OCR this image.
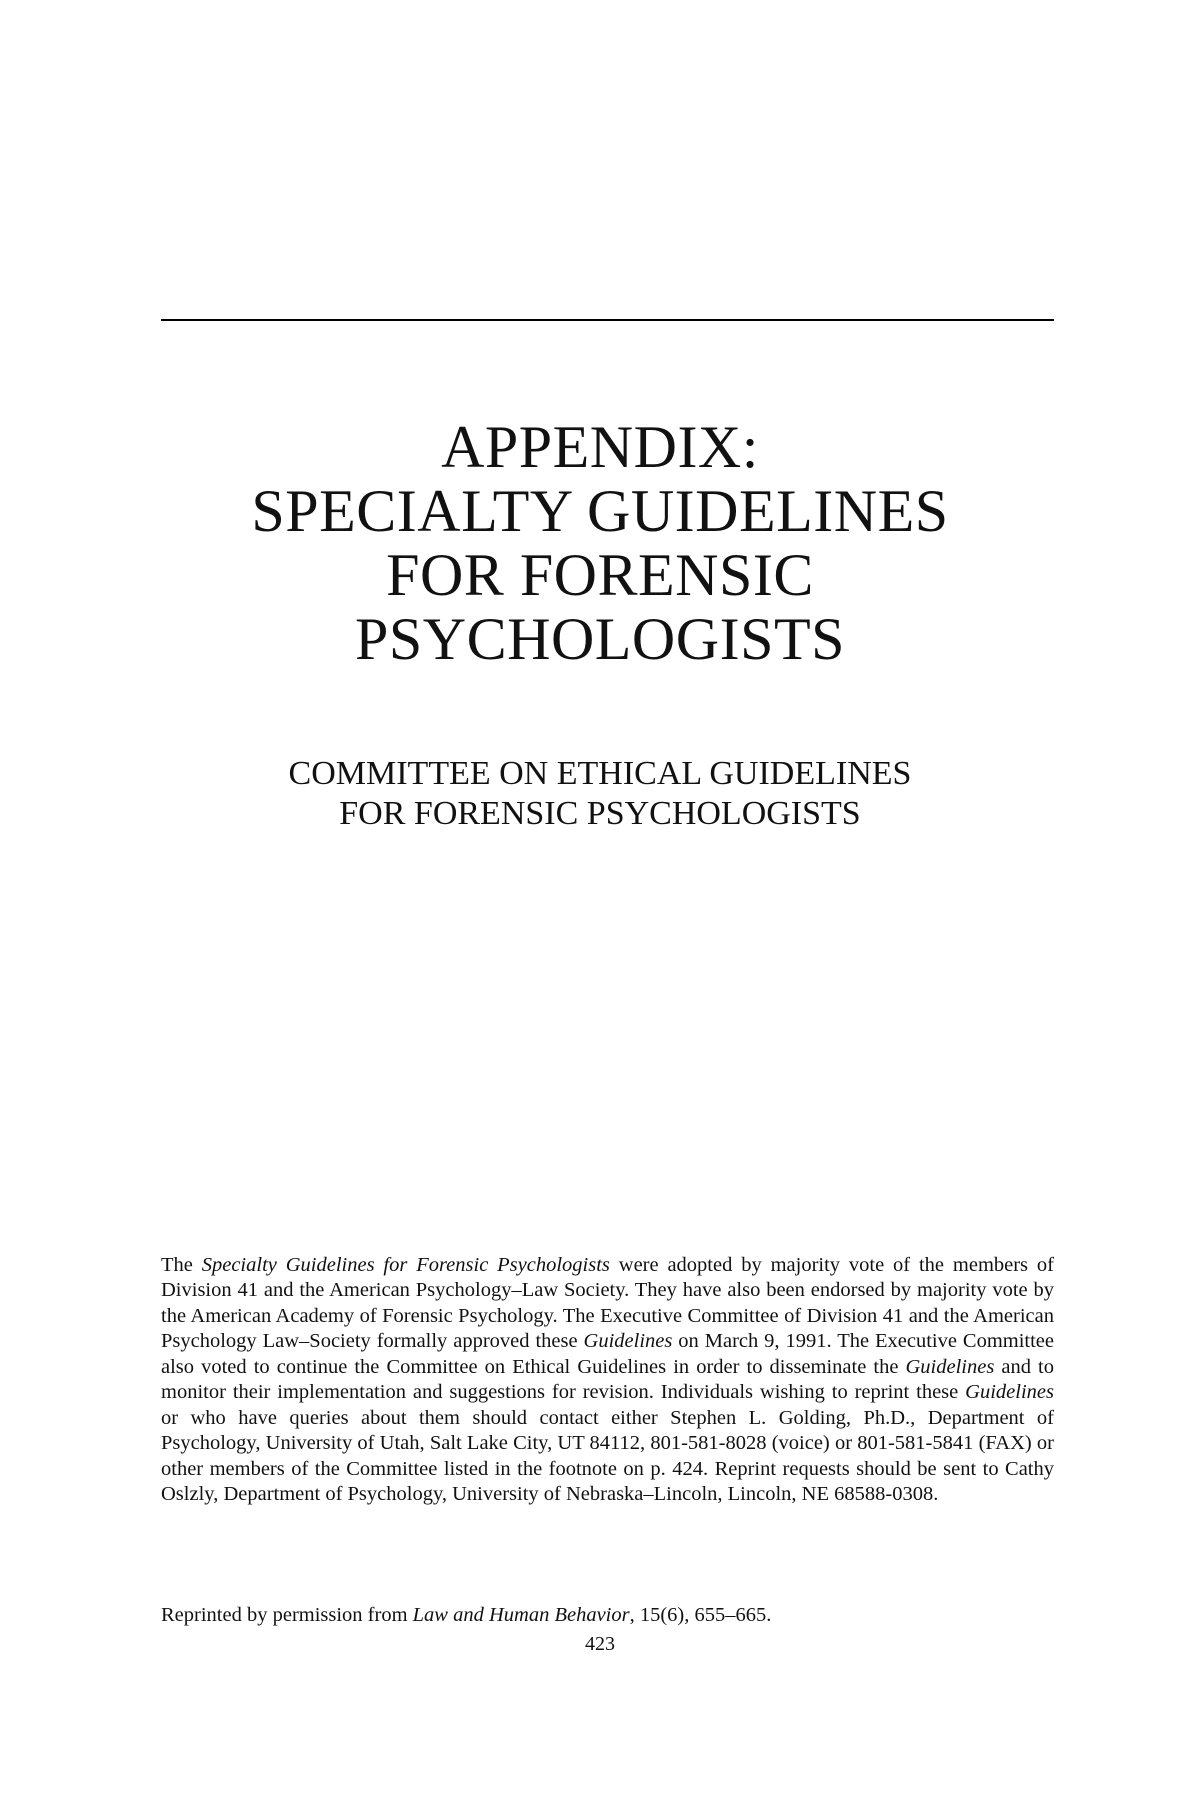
APPENDIX:
SPECIALTY GUIDELINES
FOR FORENSIC
PSYCHOLOGISTS
COMMITTEE ON ETHICAL GUIDELINES
FOR FORENSIC PSYCHOLOGISTS

The Specialty Guidelines for Forensic Psychologists were adopted by majority vote of the members of Division 41 and the American Psychology–Law Society. They have also been endorsed by majority vote by the American Academy of Forensic Psychology. The Executive Committee of Division 41 and the American Psychology Law–Society formally approved these Guidelines on March 9, 1991. The Executive Committee also voted to continue the Committee on Ethical Guidelines in order to disseminate the Guidelines and to monitor their implementation and suggestions for revision. Individuals wishing to reprint these Guidelines or who have queries about them should contact either Stephen L. Golding, Ph.D., Department of Psychology, University of Utah, Salt Lake City, UT 84112, 801-581-8028 (voice) or 801-581-5841 (FAX) or other members of the Committee listed in the footnote on p. 424. Reprint requests should be sent to Cathy Oslzly, Department of Psychology, University of Nebraska–Lincoln, Lincoln, NE 68588-0308.

Reprinted by permission from Law and Human Behavior, 15(6), 655–665.

423
